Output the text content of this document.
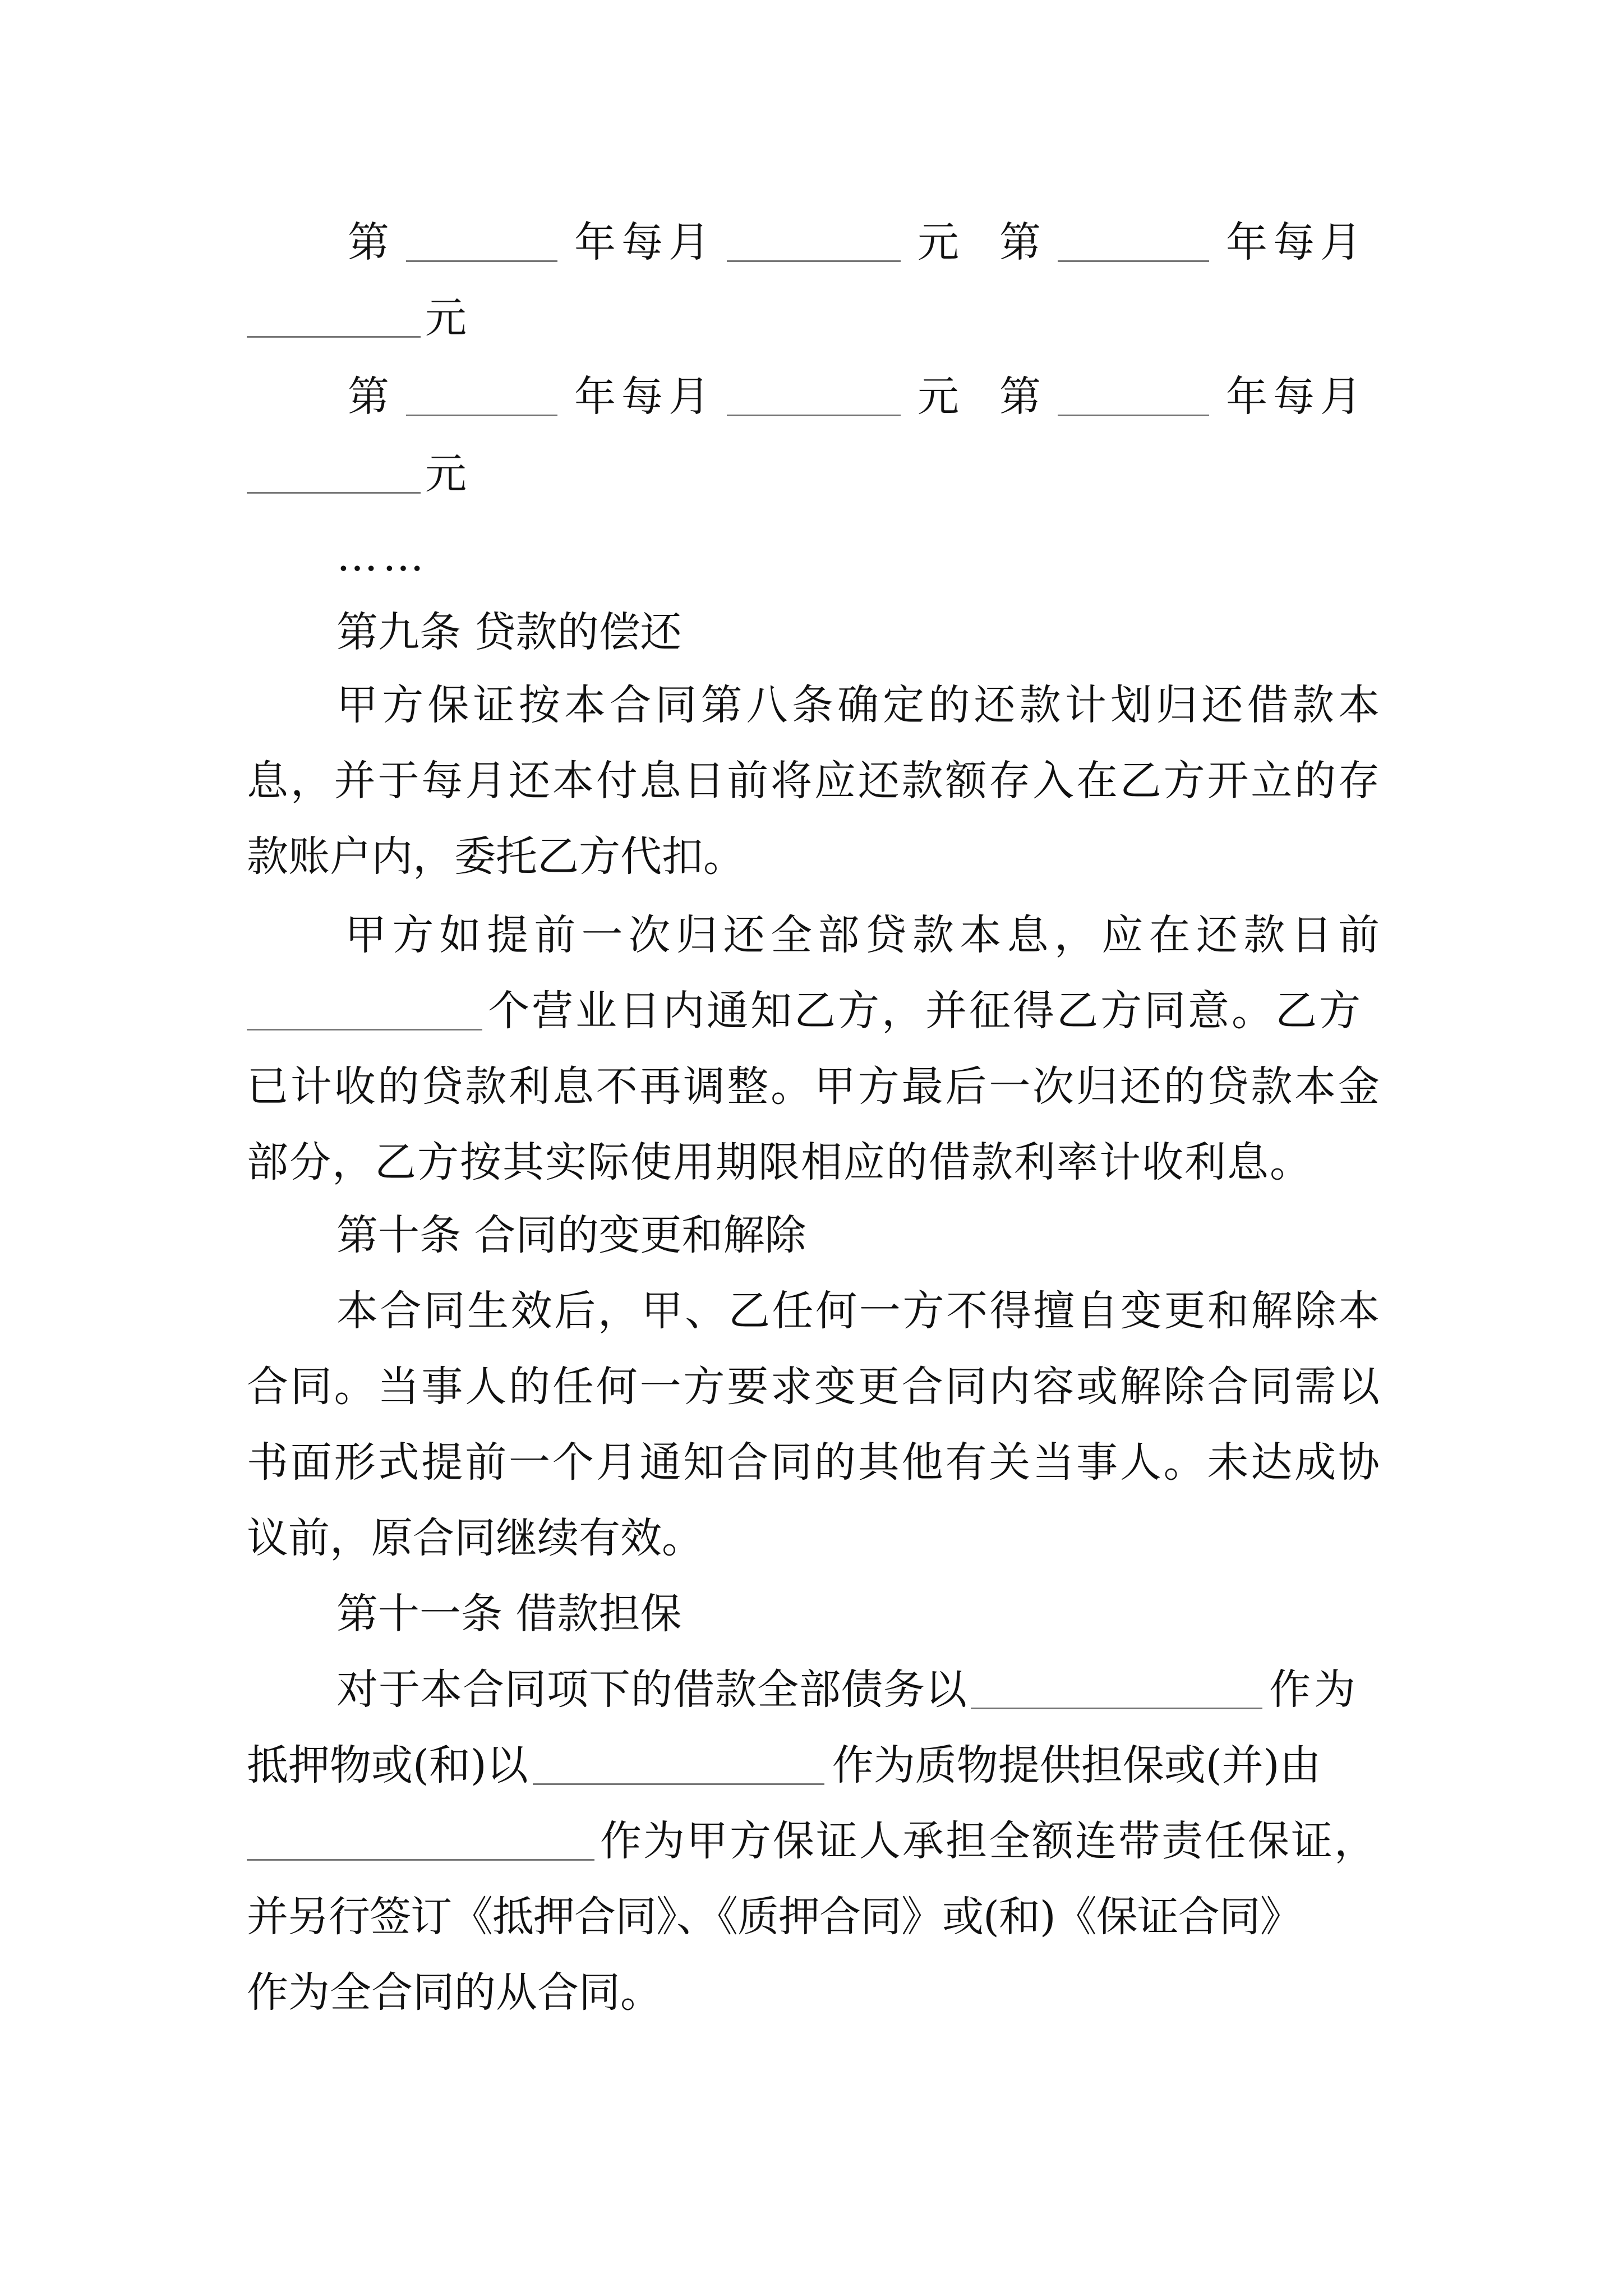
第	年每月	元 第	年每月
元
第	年每月	元 第	年每月
元
……
第九条 贷款的偿还
甲方保证按本合同第八条确定的还款计划归还借款本
息，并于每月还本付息日前将应还款额存入在乙方开立的存
款账户内，委托乙方代扣。
甲方如提前一次归还全部贷款本息，应在还款日前
个营业日内通知乙方，并征得乙方同意。乙方
已计收的贷款利息不再调整。甲方最后一次归还的贷款本金
部分，乙方按其实际使用期限相应的借款利率计收利息。
第十条 合同的变更和解除
本合同生效后，甲、乙任何一方不得擅自变更和解除本
合同。当事人的任何一方要求变更合同内容或解除合同需以
书面形式提前一个月通知合同的其他有关当事人。未达成协
议前，原合同继续有效。
第十一条 借款担保
对于本合同项下的借款全部债务以	作为
抵押物或(和)以	作为质物提供担保或(并)由
作为甲方保证人承担全额连带责任保证，
并另行签订《抵押合同》、《质押合同》或(和)《保证合同》
作为全合同的从合同。
